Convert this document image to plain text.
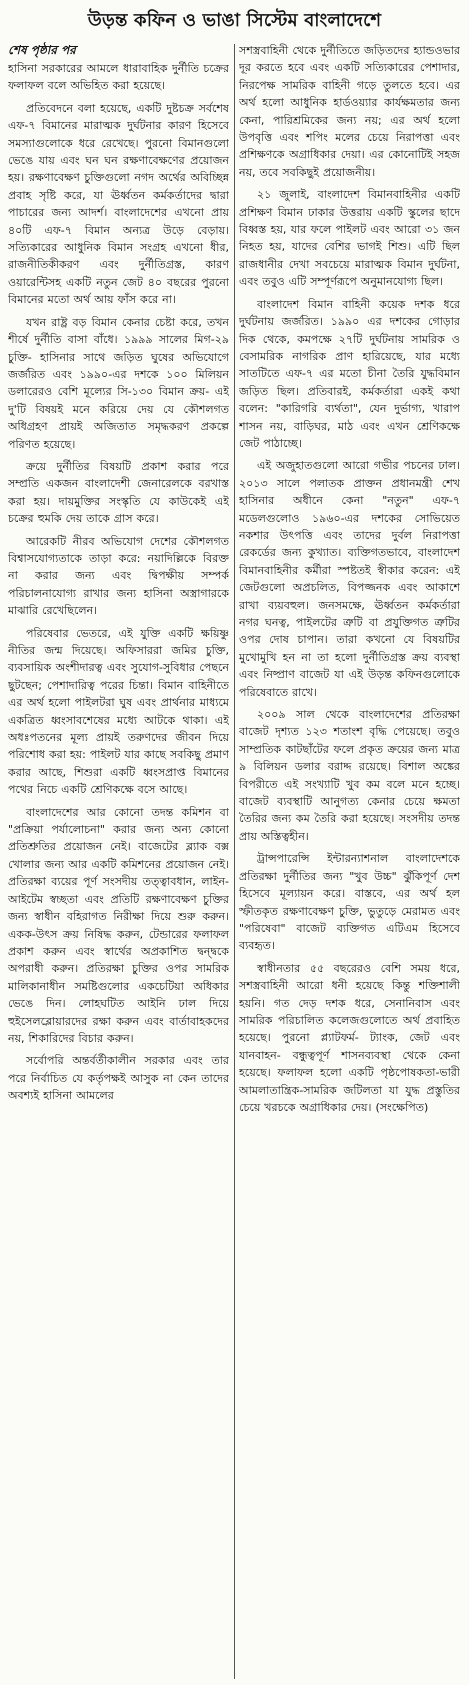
উড়ন্ত কফিন ও ভাঙা সিস্টেম বাংলাদেশে
শেষ পৃষ্ঠার পর

হাসিনা সরকারের আমলে ধারাবাহিক দুর্নীতি চক্রের ফলাফল বলে অভিহিত করা হয়েছে।

প্রতিবেদনে বলা হয়েছে, একটি দুষ্টচক্র সর্বশেষ এফ-৭ বিমানের মারাত্মক দুর্ঘটনার কারণ হিসেবে সমস্যাগুলোকে ধরে রেখেছে। পুরনো বিমানগুলো ভেঙে যায় এবং ঘন ঘন রক্ষণাবেক্ষণের প্রয়োজন হয়। রক্ষণাবেক্ষণ চুক্তিগুলো নগদ অর্থের অবিচ্ছিন্ন প্রবাহ সৃষ্টি করে, যা ঊর্ধ্বতন কর্মকর্তাদের দ্বারা পাচারের জন্য আদর্শ। বাংলাদেশের এখনো প্রায় ৪০টি এফ-৭ বিমান অন্যত্র উড়ে বেড়ায়। সত্যিকারের আধুনিক বিমান সংগ্রহ এখনো ধীর, রাজনীতিকীকরণ এবং দুর্নীতিগ্রস্ত, কারণ ওয়ারেন্টিসহ একটি নতুন জেট ৪০ বছরের পুরনো বিমানের মতো অর্থ আয় ফাঁস করে না।

যখন রাষ্ট্র বড় বিমান কেনার চেষ্টা করে, তখন শীর্ষে দুর্নীতি বাসা বাঁধে। ১৯৯৯ সালের মিগ-২৯ চুক্তি- হাসিনার সাথে জড়িত ঘুষের অভিযোগে জর্জরিত এবং ১৯৯০-এর দশকে ১০০ মিলিয়ন ডলারেরও বেশি মূল্যের সি-১৩০ বিমান ক্রয়- এই দু'টি বিষয়ই মনে করিয়ে দেয় যে কৌশলগত অধিগ্রহণ প্রায়ই অজিতাত সমৃদ্ধকরণ প্রকল্পে পরিণত হয়েছে।

ক্রয়ে দুর্নীতির বিষয়টি প্রকাশ করার পরে সম্প্রতি একজন বাংলাদেশী জেনারেলকে বরখাস্ত করা হয়। দায়মুক্তির সংস্কৃতি যে কাউকেই এই চক্রের হুমকি দেয় তাকে গ্রাস করে।

আরেকটি নীরব অভিযোগ দেশের কৌশলগত বিশ্বাসযোগ্যতাকে তাড়া করে: নয়াদিল্লিকে বিরক্ত না করার জন্য এবং দ্বিপক্ষীয় সম্পর্ক পরিচালনাযোগ্য রাখার জন্য হাসিনা অস্ত্রাগারকে মাঝারি রেখেছিলেন।

পরিষেবার ভেতরে, এই যুক্তি একটি ক্ষয়িষ্ণু নীতির জন্ম দিয়েছে। অফিসাররা জমির চুক্তি, ব্যবসায়িক অংশীদারত্ব এবং সুযোগ-সুবিধার পেছনে ছুটছেন; পেশাদারিত্ব পরের চিন্তা। বিমান বাহিনীতে এর অর্থ হলো পাইলটরা ঘুষ এবং প্রার্থনার মাধ্যমে একত্রিত ধ্বংসাবশেষের মধ্যে আটকে থাকা। এই অধঃপতনের মূল্য প্রায়ই তরুণদের জীবন দিয়ে পরিশোধ করা হয়: পাইলট যার কাছে সবকিছু প্রমাণ করার আছে, শিশুরা একটি ধ্বংসপ্রাপ্ত বিমানের পথের নিচে একটি শ্রেণিকক্ষে বসে আছে।

বাংলাদেশের আর কোনো তদন্ত কমিশন বা "প্রক্রিয়া পর্যালোচনা" করার জন্য অন্য কোনো প্রতিশ্রুতির প্রয়োজন নেই। বাজেটের ব্ল্যাক বক্স খোলার জন্য আর একটি কমিশনের প্রয়োজন নেই। প্রতিরক্ষা ব্যয়ের পূর্ণ সংসদীয় তত্ত্বাবধান, লাইন-আইটেম স্বচ্ছতা এবং প্রতিটি রক্ষণাবেক্ষণ চুক্তির জন্য স্বাধীন বহিরাগত নিরীক্ষা দিয়ে শুরু করুন। একক-উৎস ক্রয় নিষিদ্ধ করুন, টেন্ডারের ফলাফল প্রকাশ করুন এবং স্বার্থের অপ্রকাশিত দ্বন্দ্বকে অপরাধী করুন। প্রতিরক্ষা চুক্তির ওপর সামরিক মালিকানাধীন সমষ্টিগুলোর একচেটিয়া অধিকার ভেঙে দিন। লোহঘটিত আইনি ঢাল দিয়ে হুইসেলব্লোয়ারদের রক্ষা করুন এবং বার্তাবাহকদের নয়, শিকারিদের বিচার করুন।

সর্বোপরি অন্তর্বর্তীকালীন সরকার এবং তার পরে নির্বাচিত যে কর্তৃপক্ষই আসুক না কেন তাদের অবশ্যই হাসিনা আমলের

সশস্ত্রবাহিনী থেকে দুর্নীতিতে জড়িতদের হ্যান্ডওভার দূর করতে হবে এবং একটি সত্যিকারের পেশাদার, নিরপেক্ষ সামরিক বাহিনী গড়ে তুলতে হবে। এর অর্থ হলো আধুনিক হার্ডওয়্যার কার্যক্ষমতার জন্য কেনা, পারিশ্রমিকের জন্য নয়; এর অর্থ হলো উপবৃত্তি এবং শপিং মলের চেয়ে নিরাপত্তা এবং প্রশিক্ষণকে অগ্রাধিকার দেয়া। এর কোনোটিই সহজ নয়, তবে সবকিছুই প্রয়োজনীয়।

২১ জুলাই, বাংলাদেশ বিমানবাহিনীর একটি প্রশিক্ষণ বিমান ঢাকার উত্তরায় একটি স্কুলের ছাদে বিধ্বস্ত হয়, যার ফলে পাইলট এবং আরো ৩১ জন নিহত হয়, যাদের বেশির ভাগই শিশু। এটি ছিল রাজধানীর দেখা সবচেয়ে মারাত্মক বিমান দুর্ঘটনা, এবং তবুও এটি সম্পূর্ণরূপে অনুমানযোগ্য ছিল।

বাংলাদেশ বিমান বাহিনী কয়েক দশক ধরে দুর্ঘটনায় জর্জরিত। ১৯৯০ এর দশকের গোড়ার দিক থেকে, কমপক্ষে ২৭টি দুর্ঘটনায় সামরিক ও বেসামরিক নাগরিক প্রাণ হারিয়েছে, যার মধ্যে সাতটিতে এফ-৭ এর মতো চীনা তৈরি যুদ্ধবিমান জড়িত ছিল। প্রতিবারই, কর্মকর্তারা একই কথা বলেন: "কারিগরি ব্যর্থতা", যেন দুর্ভাগ্য, খারাপ শাসন নয়, বাড়িঘর, মাঠ এবং এখন শ্রেণিকক্ষে জেট পাঠাচ্ছে।

এই অজুহাতগুলো আরো গভীর পচনের ঢাল। ২০১৩ সালে পলাতক প্রাক্তন প্রধানমন্ত্রী শেখ হাসিনার অধীনে কেনা "নতুন" এফ-৭ মডেলগুলোও ১৯৬০-এর দশকের সোভিয়েত নকশার উৎপত্তি এবং তাদের দুর্বল নিরাপত্তা রেকর্ডের জন্য কুখ্যাত। ব্যক্তিগতভাবে, বাংলাদেশ বিমানবাহিনীর কর্মীরা স্পষ্টতই স্বীকার করেন: এই জেটগুলো অপ্রচলিত, বিপজ্জনক এবং আকাশে রাখা ব্যয়বহুল। জনসমক্ষে, ঊর্ধ্বতন কর্মকর্তারা নগর ঘনত্ব, পাইলটের ত্রুটি বা প্রযুক্তিগত ত্রুটির ওপর দোষ চাপান। তারা কখনো যে বিষয়টির মুখোমুখি হন না তা হলো দুর্নীতিগ্রস্ত ক্রয় ব্যবস্থা এবং নিষ্প্রাণ বাজেট যা এই উড়ন্ত কফিনগুলোকে পরিষেবাতে রাখে।

২০০৯ সাল থেকে বাংলাদেশের প্রতিরক্ষা বাজেট দৃশ্যত ১২৩ শতাংশ বৃদ্ধি পেয়েছে। তবুও সাম্প্রতিক কাটছাঁটের ফলে প্রকৃত ক্রয়ের জন্য মাত্র ৯ বিলিয়ন ডলার বরাদ্দ রয়েছে। বিশাল অঙ্কের বিপরীতে এই সংখ্যাটি খুব কম বলে মনে হচ্ছে। বাজেট ব্যবস্থাটি আনুগত্য কেনার চেয়ে ক্ষমতা তৈরির জন্য কম তৈরি করা হয়েছে। সংসদীয় তদন্ত প্রায় অস্তিত্বহীন।

ট্রান্সপারেন্সি ইন্টারন্যাশনাল বাংলাদেশকে প্রতিরক্ষা দুর্নীতির জন্য "খুব উচ্চ" ঝুঁকিপূর্ণ দেশ হিসেবে মূল্যায়ন করে। বাস্তবে, এর অর্থ হল স্ফীতকৃত রক্ষণাবেক্ষণ চুক্তি, ভুতুড়ে মেরামত এবং "পরিষেবা" বাজেট ব্যক্তিগত এটিএম হিসেবে ব্যবহৃত।

স্বাধীনতার ৫৫ বছরেরও বেশি সময় ধরে, সশস্ত্রবাহিনী আরো ধনী হয়েছে কিন্তু শক্তিশালী হয়নি। গত দেড় দশক ধরে, সেনানিবাস এবং সামরিক পরিচালিত কলেজগুলোতে অর্থ প্রবাহিত হয়েছে। পুরনো প্ল্যাটফর্ম- ট্যাংক, জেট এবং যানবাহন- বন্ধুত্বপূর্ণ শাসনব্যবস্থা থেকে কেনা হয়েছে। ফলাফল হলো একটি পৃষ্ঠপোষকতা-ভারী আমলাতান্ত্রিক-সামরিক জটিলতা যা যুদ্ধ প্রস্তুতির চেয়ে খরচকে অগ্রাধিকার দেয়। (সংক্ষেপিত)
